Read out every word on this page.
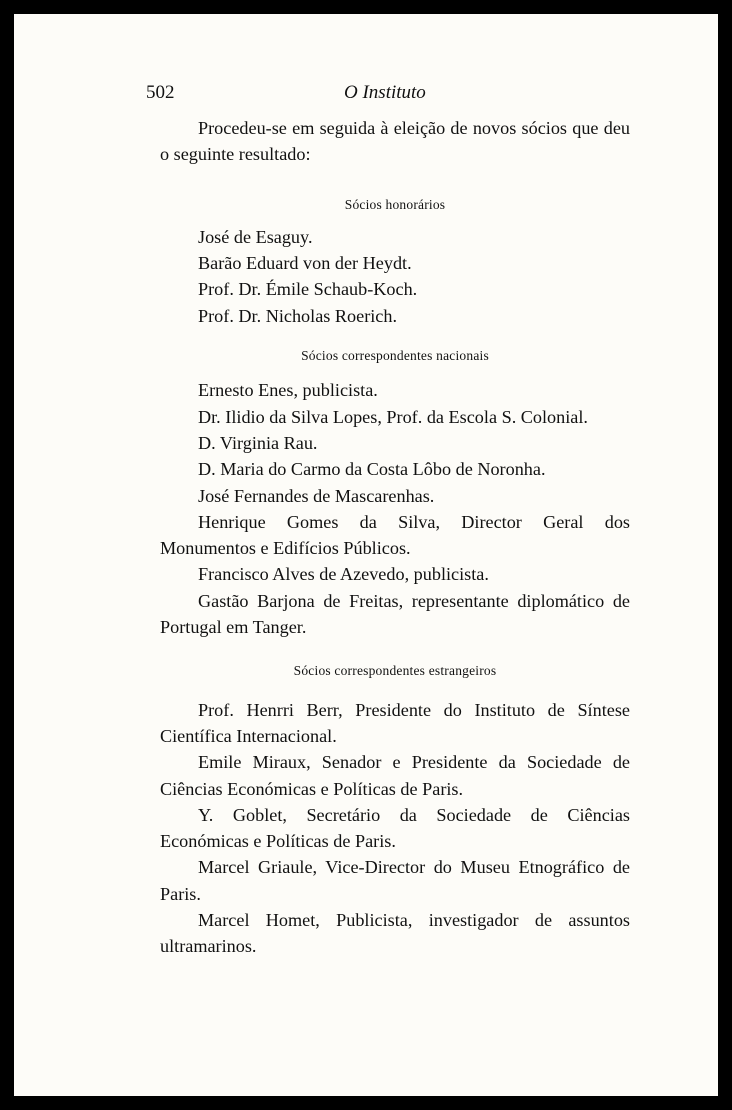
502	O Instituto

Procedeu-se em seguida à eleição de novos sócios que deu o seguinte resultado:

Sócios honorários

José de Esaguy.
Barão Eduard von der Heydt.
Prof. Dr. Émile Schaub-Koch.
Prof. Dr. Nicholas Roerich.

Sócios correspondentes nacionais

Ernesto Enes, publicista.
Dr. Ilidio da Silva Lopes, Prof. da Escola S. Colonial.
D. Virginia Rau.
D. Maria do Carmo da Costa Lôbo de Noronha.
José Fernandes de Mascarenhas.
Henrique Gomes da Silva, Director Geral dos Monumentos e Edifícios Públicos.
Francisco Alves de Azevedo, publicista.
Gastão Barjona de Freitas, representante diplomático de Portugal em Tanger.

Sócios correspondentes estrangeiros

Prof. Henrri Berr, Presidente do Instituto de Síntese Científica Internacional.
Emile Miraux, Senador e Presidente da Sociedade de Ciências Económicas e Políticas de Paris.
Y. Goblet, Secretário da Sociedade de Ciências Económicas e Políticas de Paris.
Marcel Griaule, Vice-Director do Museu Etnográfico de Paris.
Marcel Homet, Publicista, investigador de assuntos ultramarinos.
